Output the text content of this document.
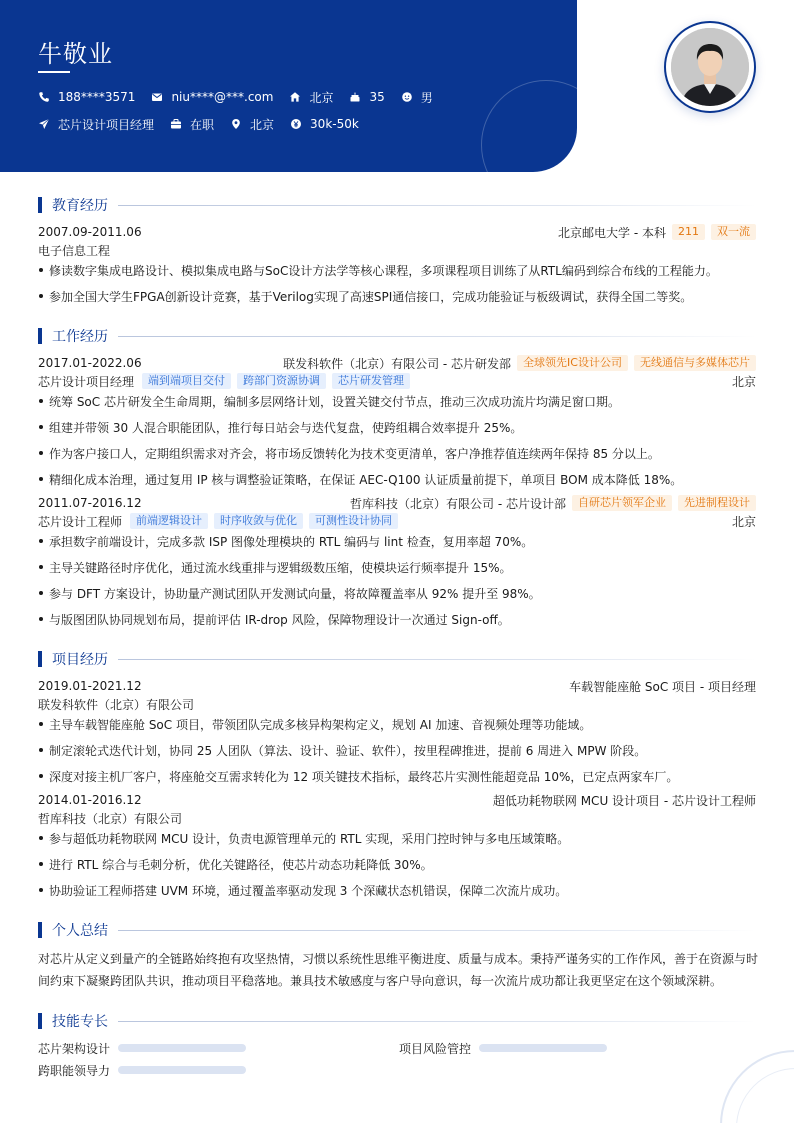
牛敬业
188****3571	niu****@***.com	北京	35	男
芯片设计项目经理	在职	北京	30k-50k
教育经历
2007.09-2011.06	北京邮电大学 - 本科	211	双一流
电子信息工程
修读数字集成电路设计、模拟集成电路与SoC设计方法学等核心课程，多项课程项目训练了从RTL编码到综合布线的工程能力。
参加全国大学生FPGA创新设计竞赛，基于Verilog实现了高速SPI通信接口，完成功能验证与板级调试，获得全国二等奖。
工作经历
2017.01-2022.06	联发科软件（北京）有限公司 - 芯片研发部	全球领先IC设计公司	无线通信与多媒体芯片
芯片设计项目经理	端到端项目交付	跨部门资源协调	芯片研发管理	北京
统筹 SoC 芯片研发全生命周期，编制多层网络计划，设置关键交付节点，推动三次成功流片均满足窗口期。
组建并带领 30 人混合职能团队，推行每日站会与迭代复盘，使跨组耦合效率提升 25%。
作为客户接口人，定期组织需求对齐会，将市场反馈转化为技术变更清单，客户净推荐值连续两年保持 85 分以上。
精细化成本治理，通过复用 IP 核与调整验证策略，在保证 AEC-Q100 认证质量前提下，单项目 BOM 成本降低 18%。
2011.07-2016.12	哲库科技（北京）有限公司 - 芯片设计部	自研芯片领军企业	先进制程设计
芯片设计工程师	前端逻辑设计	时序收敛与优化	可测性设计协同	北京
承担数字前端设计，完成多款 ISP 图像处理模块的 RTL 编码与 lint 检查，复用率超 70%。
主导关键路径时序优化，通过流水线重排与逻辑级数压缩，使模块运行频率提升 15%。
参与 DFT 方案设计，协助量产测试团队开发测试向量，将故障覆盖率从 92% 提升至 98%。
与版图团队协同规划布局，提前评估 IR-drop 风险，保障物理设计一次通过 Sign-off。
项目经历
2019.01-2021.12	车载智能座舱 SoC 项目 - 项目经理
联发科软件（北京）有限公司
主导车载智能座舱 SoC 项目，带领团队完成多核异构架构定义，规划 AI 加速、音视频处理等功能域。
制定滚轮式迭代计划，协同 25 人团队（算法、设计、验证、软件），按里程碑推进，提前 6 周进入 MPW 阶段。
深度对接主机厂客户，将座舱交互需求转化为 12 项关键技术指标，最终芯片实测性能超竞品 10%，已定点两家车厂。
2014.01-2016.12	超低功耗物联网 MCU 设计项目 - 芯片设计工程师
哲库科技（北京）有限公司
参与超低功耗物联网 MCU 设计，负责电源管理单元的 RTL 实现，采用门控时钟与多电压域策略。
进行 RTL 综合与毛刺分析，优化关键路径，使芯片动态功耗降低 30%。
协助验证工程师搭建 UVM 环境，通过覆盖率驱动发现 3 个深藏状态机错误，保障二次流片成功。
个人总结
对芯片从定义到量产的全链路始终抱有攻坚热情，习惯以系统性思维平衡进度、质量与成本。秉持严谨务实的工作作风，善于在资源与时间约束下凝聚跨团队共识，推动项目平稳落地。兼具技术敏感度与客户导向意识，每一次流片成功都让我更坚定在这个领域深耕。
技能专长
芯片架构设计	项目风险管控
跨职能领导力
